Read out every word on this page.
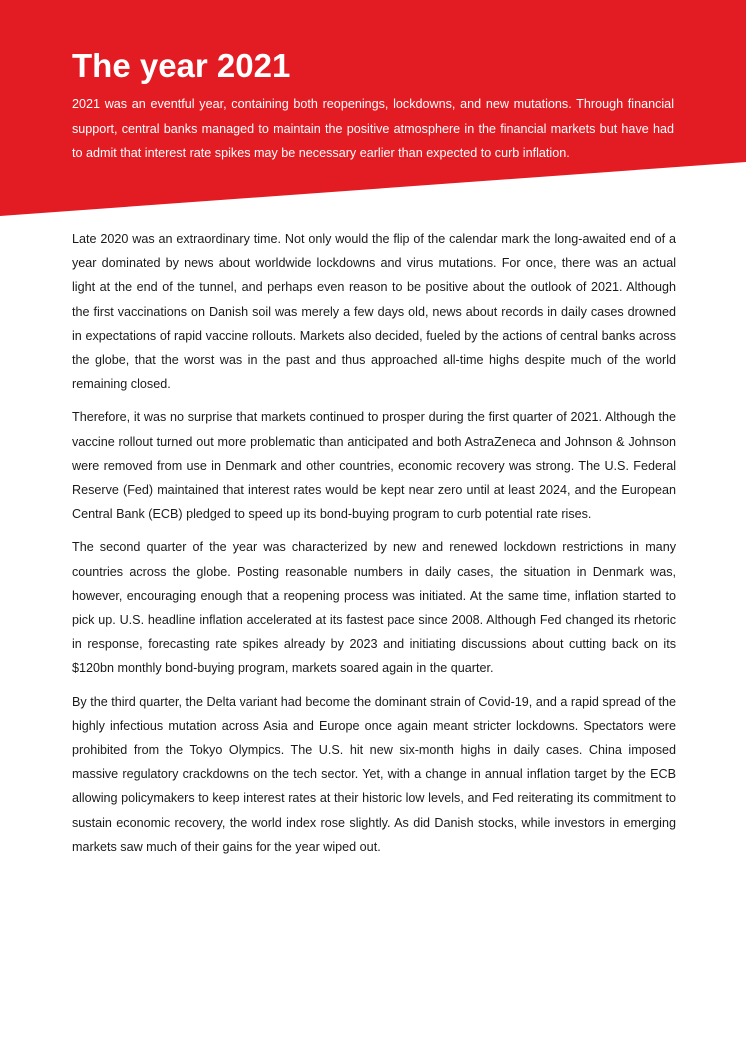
The year 2021

2021 was an eventful year, containing both reopenings, lockdowns, and new mutations. Through financial support, central banks managed to maintain the positive atmosphere in the financial markets but have had to admit that interest rate spikes may be necessary earlier than expected to curb inflation.

Late 2020 was an extraordinary time. Not only would the flip of the calendar mark the long-awaited end of a year dominated by news about worldwide lockdowns and virus mutations. For once, there was an actual light at the end of the tunnel, and perhaps even reason to be positive about the outlook of 2021. Although the first vaccinations on Danish soil was merely a few days old, news about records in daily cases drowned in expectations of rapid vaccine rollouts. Markets also decided, fueled by the actions of central banks across the globe, that the worst was in the past and thus approached all-time highs despite much of the world remaining closed.

Therefore, it was no surprise that markets continued to prosper during the first quarter of 2021. Although the vaccine rollout turned out more problematic than anticipated and both AstraZeneca and Johnson & Johnson were removed from use in Denmark and other countries, economic recovery was strong. The U.S. Federal Reserve (Fed) maintained that interest rates would be kept near zero until at least 2024, and the European Central Bank (ECB) pledged to speed up its bond-buying program to curb potential rate rises.

The second quarter of the year was characterized by new and renewed lockdown restrictions in many countries across the globe. Posting reasonable numbers in daily cases, the situation in Denmark was, however, encouraging enough that a reopening process was initiated. At the same time, inflation started to pick up. U.S. headline inflation accelerated at its fastest pace since 2008. Although Fed changed its rhetoric in response, forecasting rate spikes already by 2023 and initiating discussions about cutting back on its $120bn monthly bond-buying program, markets soared again in the quarter.

By the third quarter, the Delta variant had become the dominant strain of Covid-19, and a rapid spread of the highly infectious mutation across Asia and Europe once again meant stricter lockdowns. Spectators were prohibited from the Tokyo Olympics. The U.S. hit new six-month highs in daily cases. China imposed massive regulatory crackdowns on the tech sector. Yet, with a change in annual inflation target by the ECB allowing policymakers to keep interest rates at their historic low levels, and Fed reiterating its commitment to sustain economic recovery, the world index rose slightly. As did Danish stocks, while investors in emerging markets saw much of their gains for the year wiped out.
